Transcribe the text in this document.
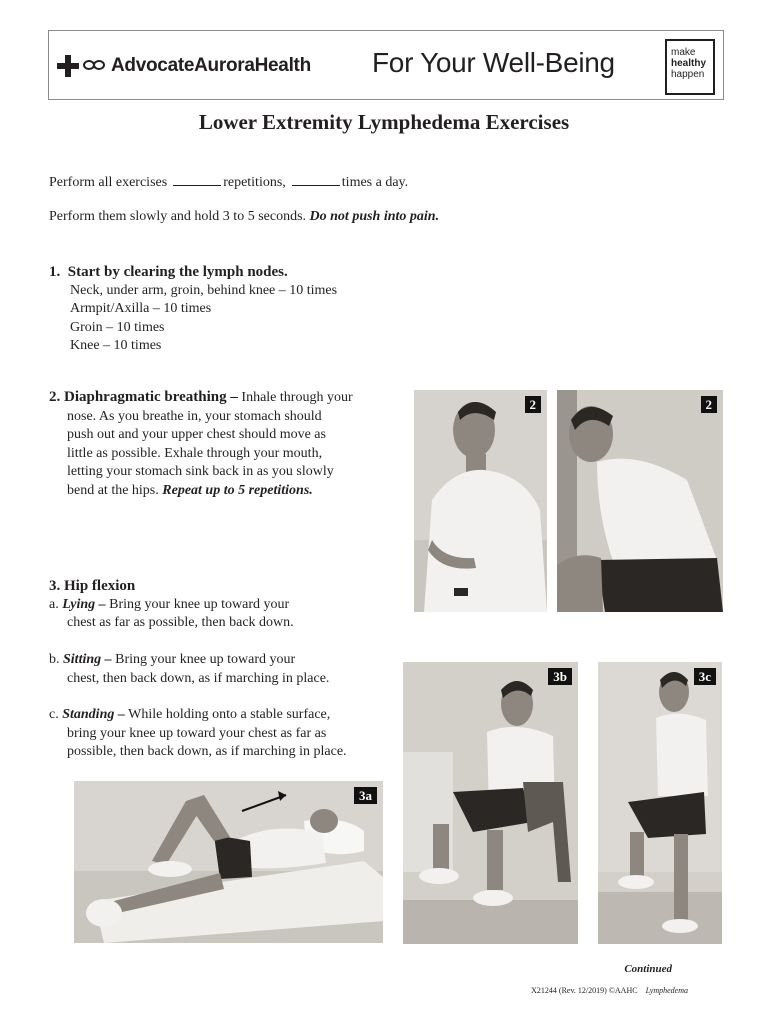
AdvocateAuroraHealth For Your Well-Being	make
healthy
happen
Lower Extremity Lymphedema Exercises
Perform all exercises	repetitions,	times a day.
Perform them slowly and hold 3 to 5 seconds. Do not push into pain.
1. Start by clearing the lymph nodes.
Neck, under arm, groin, behind knee – 10 times
Armpit/Axilla – 10 times
Groin – 10 times
Knee – 10 times
2. Diaphragmatic breathing – Inhale through your
nose. As you breathe in, your stomach should
push out and your upper chest should move as
little as possible. Exhale through your mouth,
letting your stomach sink back in as you slowly
bend at the hips. Repeat up to 5 repetitions.
3. Hip flexion
a. Lying – Bring your knee up toward your
chest as far as possible, then back down.
b. Sitting – Bring your knee up toward your
chest, then back down, as if marching in place.
c. Standing – While holding onto a stable surface,
bring your knee up toward your chest as far as
possible, then back down, as if marching in place.
2	2
3b	3c
3a
Continued
X21244 (Rev. 12/2019) ©AAHC Lymphedema
